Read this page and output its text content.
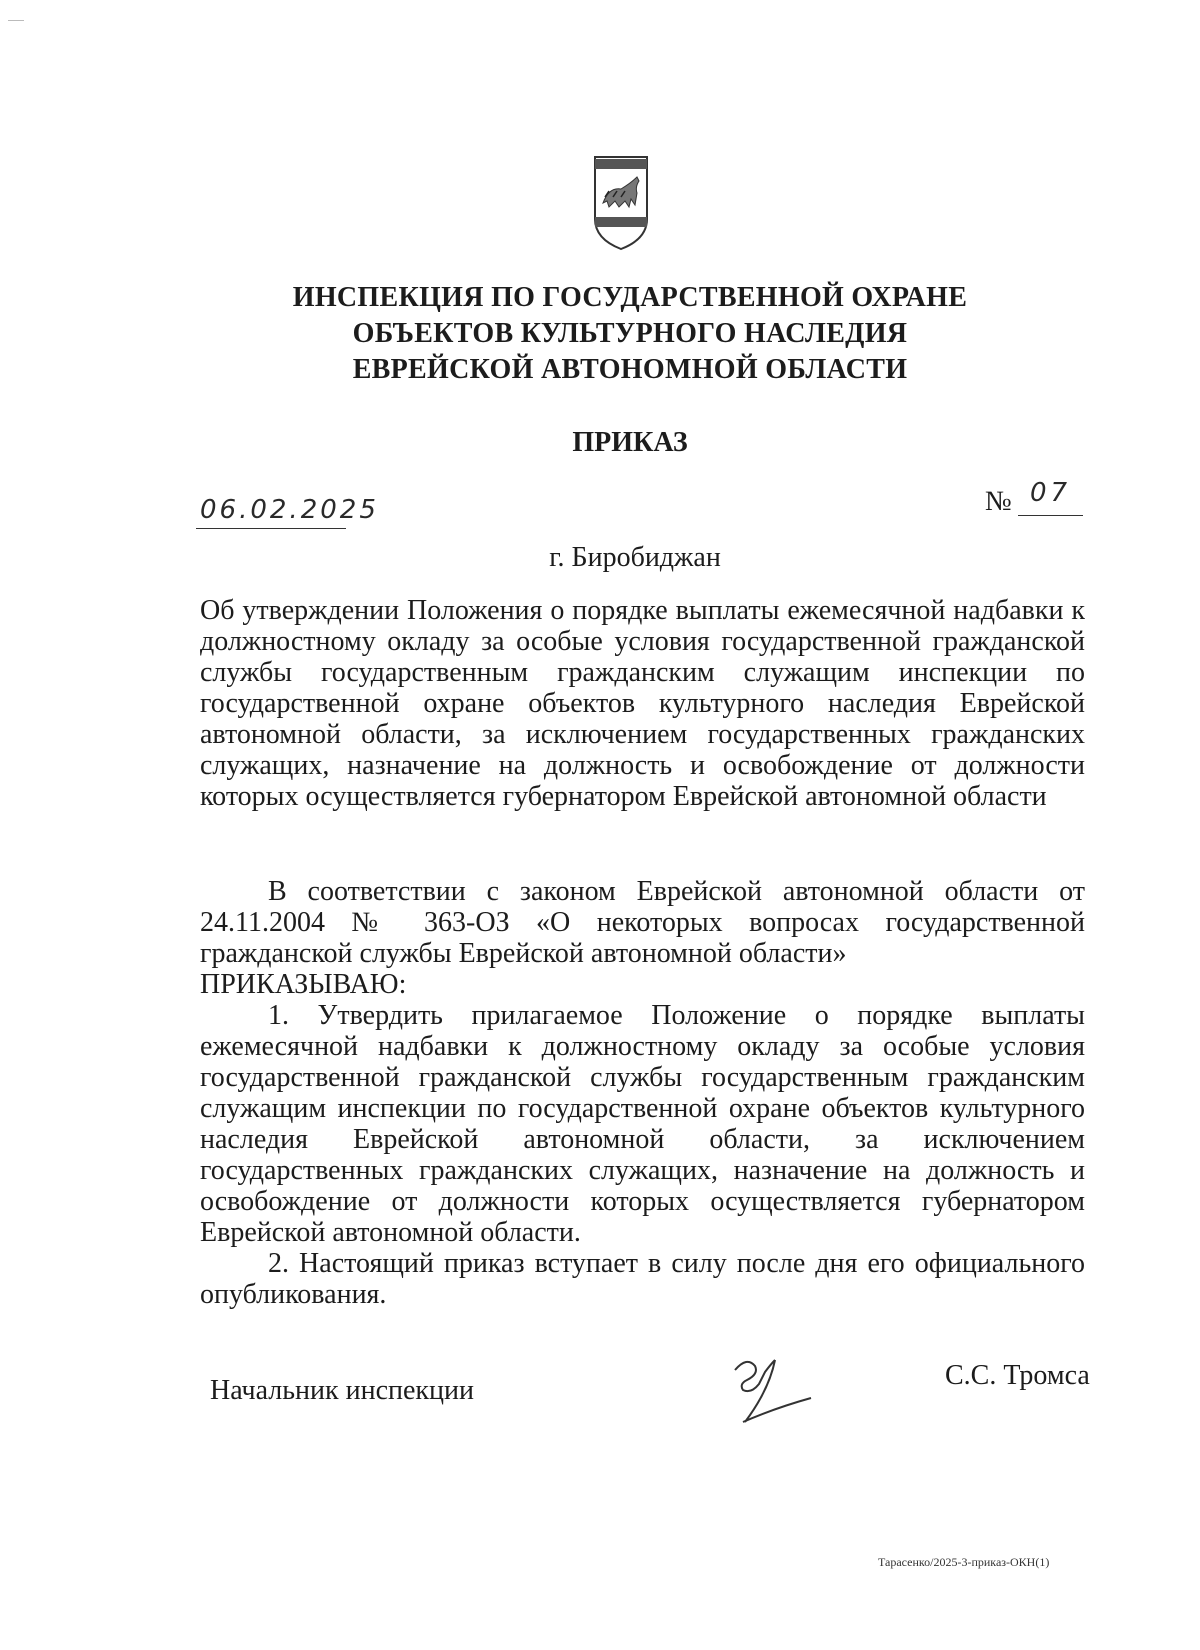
ИНСПЕКЦИЯ ПО ГОСУДАРСТВЕННОЙ ОХРАНЕ
ОБЪЕКТОВ КУЛЬТУРНОГО НАСЛЕДИЯ
ЕВРЕЙСКОЙ АВТОНОМНОЙ ОБЛАСТИ
ПРИКАЗ
06.02.2025	№ 07
г. Биробиджан
Об утверждении Положения о порядке выплаты ежемесячной надбавки к должностному окладу за особые условия государственной гражданской службы государственным гражданским служащим инспекции по государственной охране объектов культурного наследия Еврейской автономной области, за исключением государственных гражданских служащих, назначение на должность и освобождение от должности которых осуществляется губернатором Еврейской автономной области

В соответствии с законом Еврейской автономной области от 24.11.2004 № 363-ОЗ «О некоторых вопросах государственной гражданской службы Еврейской автономной области»

ПРИКАЗЫВАЮ:

1. Утвердить прилагаемое Положение о порядке выплаты ежемесячной надбавки к должностному окладу за особые условия государственной гражданской службы государственным гражданским служащим инспекции по государственной охране объектов культурного наследия Еврейской автономной области, за исключением государственных гражданских служащих, назначение на должность и освобождение от должности которых осуществляется губернатором Еврейской автономной области.

2. Настоящий приказ вступает в силу после дня его официального опубликования.

Начальник инспекции	С.С. Тромса
Тарасенко/2025-3-приказ-ОКН(1)
